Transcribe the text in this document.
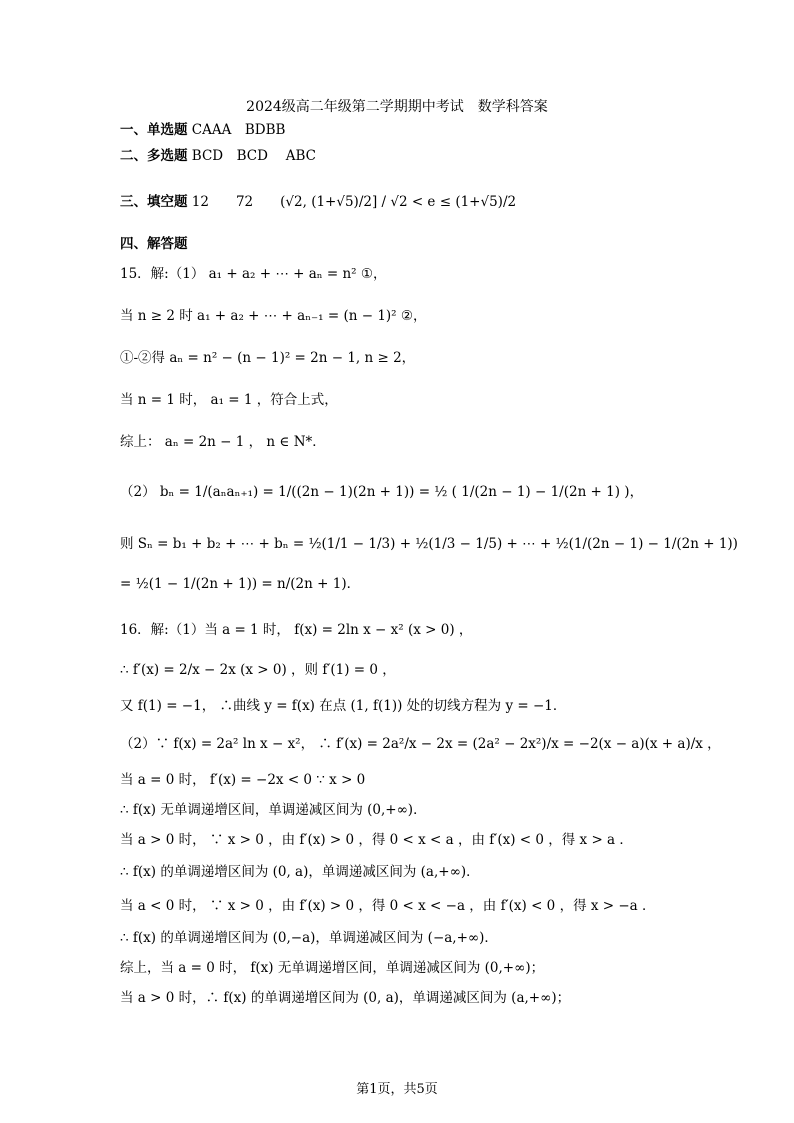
2024级高二年级第二学期期中考试　数学科答案
一、单选题 CAAA　BDBB
二、多选题 BCD　BCD　 ABC
三、填空题 12　　72　　(√2, (1+√5)/2] / √2 < e ≤ (1+√5)/2
四、解答题
15．解:（1） a₁ + a₂ + ⋯ + aₙ = n² ①，
当 n ≥ 2 时 a₁ + a₂ + ⋯ + aₙ₋₁ = (n − 1)² ②，
①-②得 aₙ = n² − (n − 1)² = 2n − 1, n ≥ 2，
当 n = 1 时， a₁ = 1 ，符合上式，
综上： aₙ = 2n − 1 ， n ∈ N*．
（2） bₙ = 1/(aₙaₙ₊₁) = 1/((2n − 1)(2n + 1)) = ½ ( 1/(2n − 1) − 1/(2n + 1) )，
则 Sₙ = b₁ + b₂ + ⋯ + bₙ = ½(1/1 − 1/3) + ½(1/3 − 1/5) + ⋯ + ½(1/(2n − 1) − 1/(2n + 1))
= ½(1 − 1/(2n + 1)) = n/(2n + 1)．
16．解:（1）当 a = 1 时， f(x) = 2ln x − x² (x > 0) ，
∴ f′(x) = 2/x − 2x (x > 0) ，则 f′(1) = 0 ，
又 f(1) = −1， ∴曲线 y = f(x) 在点 (1, f(1)) 处的切线方程为 y = −1．
（2）∵ f(x) = 2a² ln x − x²， ∴ f′(x) = 2a²/x − 2x = (2a² − 2x²)/x = −2(x − a)(x + a)/x ，
当 a = 0 时， f′(x) = −2x < 0 ∵ x > 0
∴ f(x) 无单调递增区间，单调递减区间为 (0,+∞)．
当 a > 0 时， ∵ x > 0 ，由 f′(x) > 0 ，得 0 < x < a ，由 f′(x) < 0 ，得 x > a ．
∴ f(x) 的单调递增区间为 (0, a)，单调递减区间为 (a,+∞)．
当 a < 0 时， ∵ x > 0 ，由 f′(x) > 0 ，得 0 < x < −a ，由 f′(x) < 0 ，得 x > −a ．
∴ f(x) 的单调递增区间为 (0,−a)，单调递减区间为 (−a,+∞)．
综上，当 a = 0 时， f(x) 无单调递增区间，单调递减区间为 (0,+∞)；
当 a > 0 时，∴ f(x) 的单调递增区间为 (0, a)，单调递减区间为 (a,+∞)；
第1页，共5页
